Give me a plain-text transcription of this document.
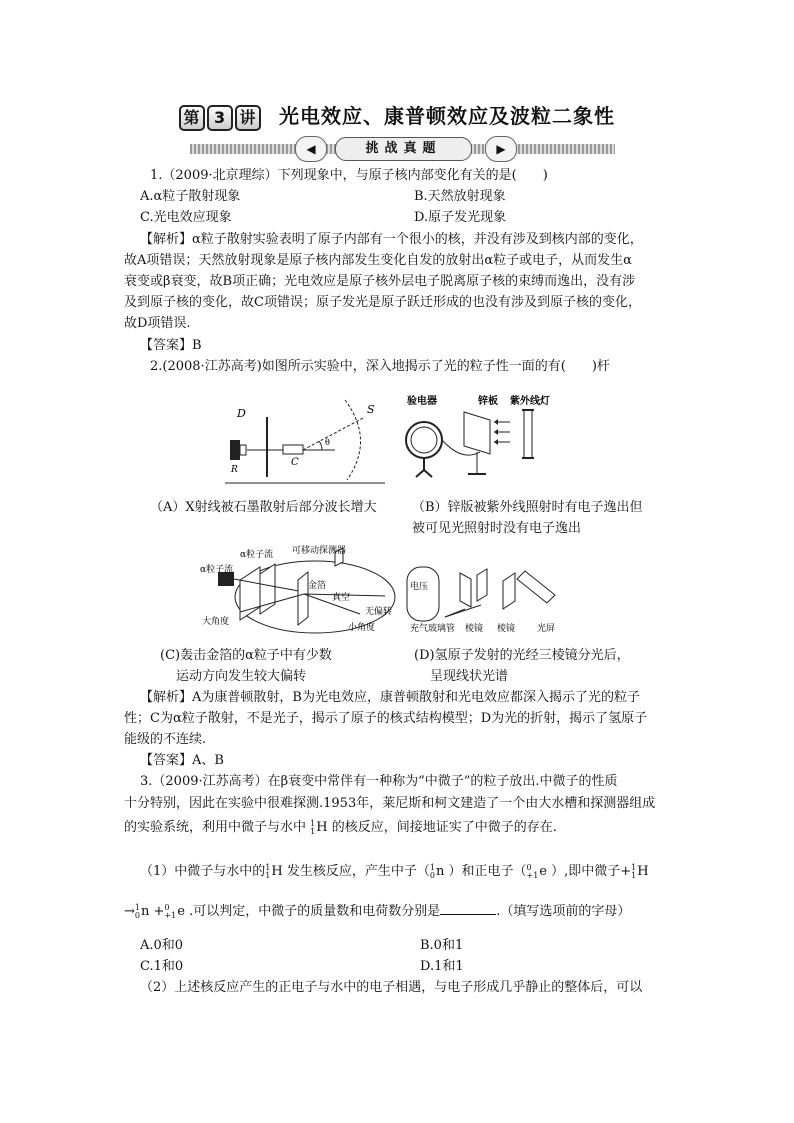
第 3 讲 光电效应、康普顿效应及波粒二象性
◀	挑战真题	▶
1.（2009·北京理综）下列现象中，与原子核内部变化有关的是(　　)
A.α粒子散射现象	B.天然放射现象
C.光电效应现象	D.原子发光现象
【解析】α粒子散射实验表明了原子内部有一个很小的核，并没有涉及到核内部的变化，
故A项错误；天然放射现象是原子核内部发生变化自发的放射出α粒子或电子，从而发生α
衰变或β衰变，故B项正确；光电效应是原子核外层电子脱离原子核的束缚而逸出，没有涉
及到原子核的变化，故C项错误；原子发光是原子跃迁形成的也没有涉及到原子核的变化，
故D项错误.
【答案】B
2.(2008·江苏高考)如图所示实验中，深入地揭示了光的粒子性一面的有(　　)杆
D	S
R
C
θ
验电器	锌板 紫外线灯
（A）X射线被石墨散射后部分波长增大	（B）锌版被紫外线照射时有电子逸出但
被可见光照射时没有电子逸出
α粒子流
α粒子流
可移动探测器
金箔
真空
大角度
无偏转
小角度
电压
充气玻璃管 棱镜 棱镜 光屏
(C)轰击金箔的α粒子中有少数
运动方向发生较大偏转
(D)氢原子发射的光经三棱镜分光后，
呈现线状光谱
【解析】A为康普顿散射，B为光电效应，康普顿散射和光电效应都深入揭示了光的粒子
性；C为α粒子散射，不是光子，揭示了原子的核式结构模型；D为光的折射，揭示了氢原子
能级的不连续.
【答案】A、B
3.（2009·江苏高考）在β衰变中常伴有一种称为“中微子”的粒子放出.中微子的性质
十分特别，因此在实验中很难探测.1953年，莱尼斯和柯文建造了一个由大水槽和探测器组成
的实验系统，利用中微子与水中 1
1 H 的核反应，间接地证实了中微子的存在.
（1）中微子与水中的 1
1 H 发生核反应，产生中子（ 1
0 n ）和正电子（ 0
+1 e ）,即中微子+ 1
1 H
→ 1
0 n + 0
+1 e .可以判定，中微子的质量数和电荷数分别是	.（填写选项前的字母）
A.0和0	B.0和1
C.1和0	D.1和1
（2）上述核反应产生的正电子与水中的电子相遇，与电子形成几乎静止的整体后，可以
